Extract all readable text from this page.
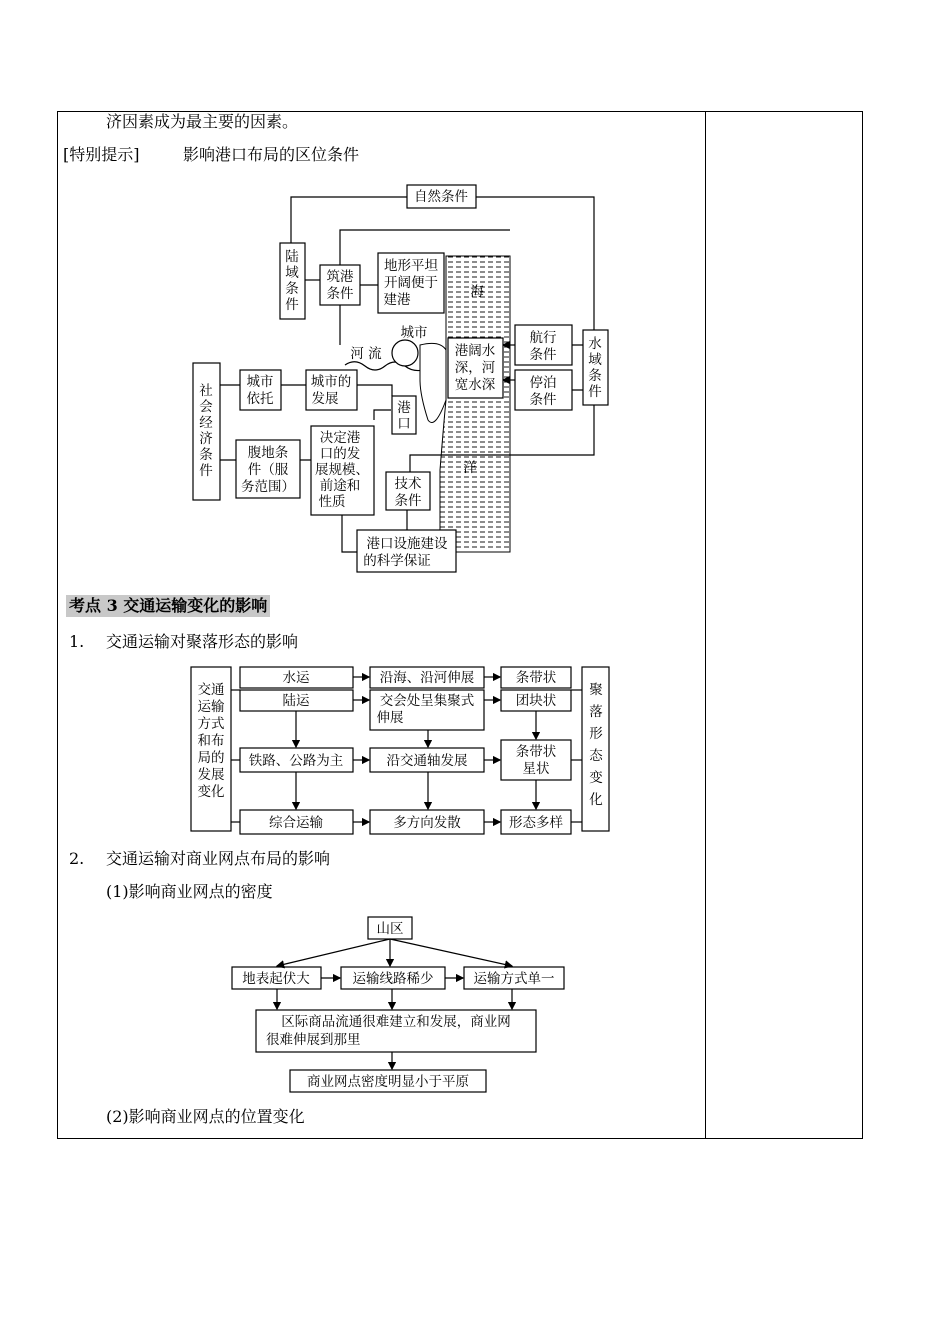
济因素成为最主要的因素。
[特别提示]	影响港口布局的区位条件
自然条件
陆域条件
筑港
条件
地形平坦
开阔便于
建港	海
洋
城市
河 流	港阔水
深，河
宽水深
航行
条件
停泊
条件
水域条件
社会经济条件
城市
依托
城市的
发展
港口
腹地条
件（服
务范围）
决定港
口的发
展规模、
前途和
性质
技术
条件
港口设施建设
的科学保证
考点 3 交通运输变化的影响
1. 交通运输对聚落形态的影响
交通运输方式和布局的发展变化
聚落形态变化
水运
陆运
沿海、沿河伸展
交会处呈集聚式
伸展
条带状
团块状
铁路、公路为主	沿交通轴发展
条带状
星状
综合运输	多方向发散	形态多样
2. 交通运输对商业网点布局的影响
(1)影响商业网点的密度
山区
地表起伏大	运输线路稀少	运输方式单一
区际商品流通很难建立和发展，商业网
很难伸展到那里
商业网点密度明显小于平原
(2)影响商业网点的位置变化
